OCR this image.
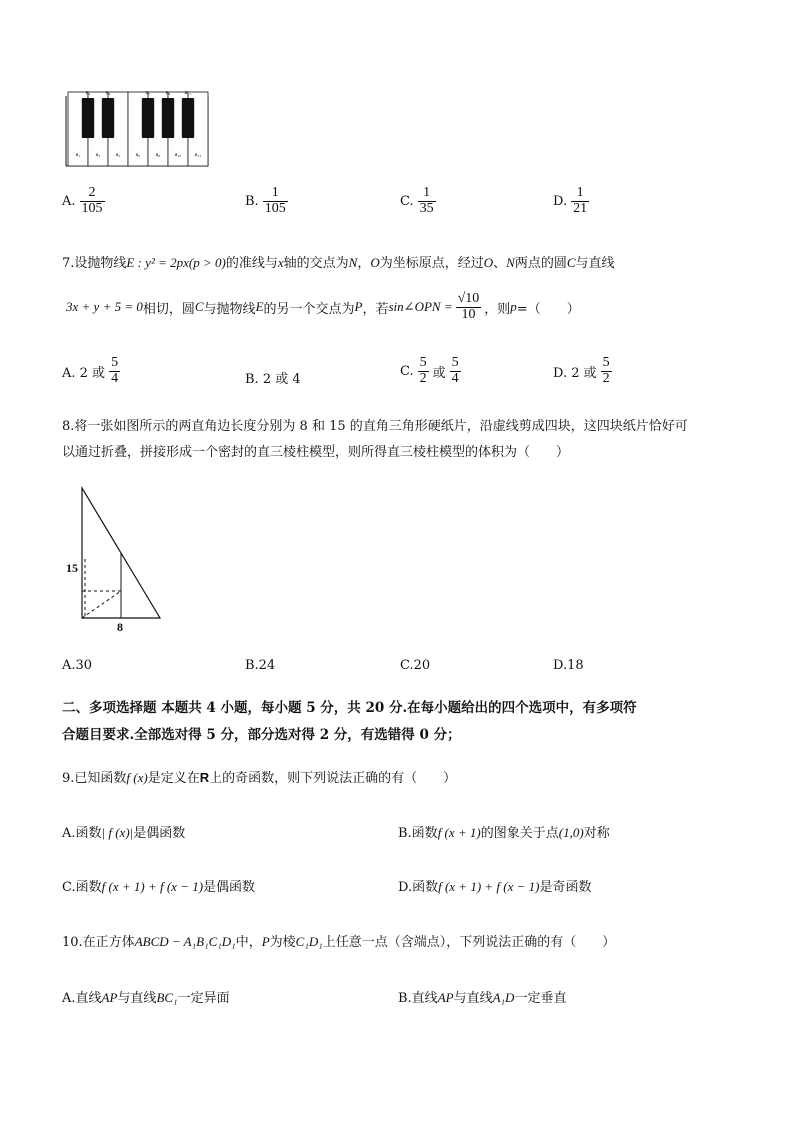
a₁	a₃	a₅	a₆	a₈ a₁₀ a₁₂
a₂	a₄	a₇	a₉ a₁₁
A. $\frac{2}{105}$	B. $\frac{1}{105}$	C. $\frac{1}{35}$	D. $\frac{1}{21}$
7.设抛物线E : y² = 2px(p > 0)的准线与x轴的交点为N，O为坐标原点，经过O、N两点的圆C与直线
3x + y + 5 = 0 相切，圆 C 与抛物线 E 的另一个交点为 P ，若 sin∠OPN = $\frac{√10}{10}$ ，则 p =（　　）
A. 2 或 $\frac{5}{4}$	B. 2 或 4
C. $\frac{5}{2}$ 或 $\frac{5}{4}$	D. 2 或 $\frac{5}{2}$
8.将一张如图所示的两直角边长度分别为 8 和 15 的直角三角形硬纸片，沿虚线剪成四块，这四块纸片恰好可
以通过折叠，拼接形成一个密封的直三棱柱模型，则所得直三棱柱模型的体积为（　　）
15
8
A.30	B.24	C.20	D.18
二、多项选择题 本题共 4 小题，每小题 5 分，共 20 分.在每小题给出的四个选项中，有多项符
合题目要求.全部选对得 5 分，部分选对得 2 分，有选错得 0 分；
9.已知函数f (x)是定义在R上的奇函数，则下列说法正确的有（　　）
A.函数| f (x)|是偶函数	B.函数f (x + 1)的图象关于点(1,0)对称
C.函数f (x + 1) + f (x − 1)是偶函数	D.函数f (x + 1) + f (x − 1)是奇函数
10.在正方体ABCD − A₁B₁C₁D₁中，P为棱C₁D₁上任意一点（含端点），下列说法正确的有（　　）
A.直线AP与直线BC₁一定异面	B.直线AP与直线A₁D一定垂直
